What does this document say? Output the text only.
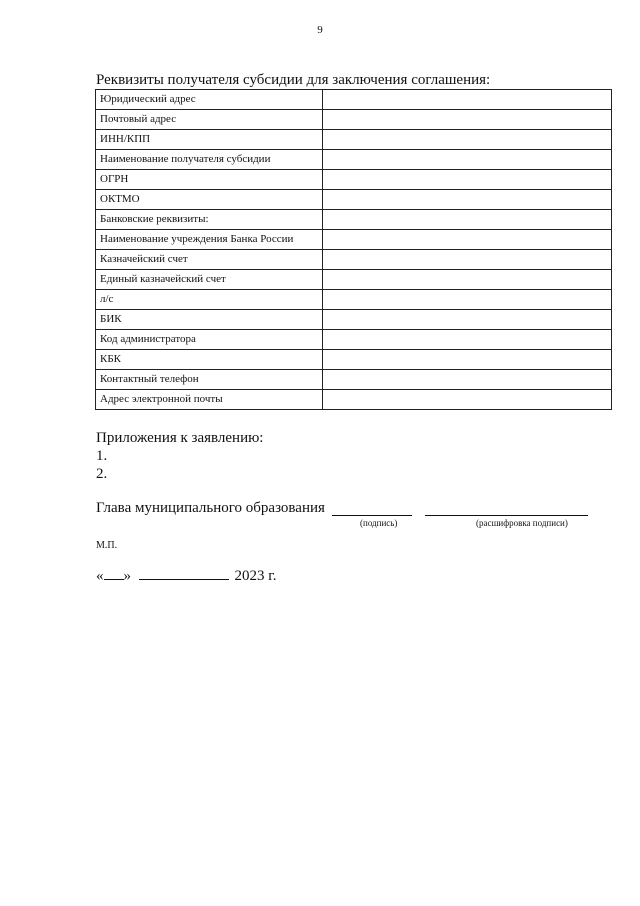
9
Реквизиты получателя субсидии для заключения соглашения:
Юридический адрес	
Почтовый адрес	
ИНН/КПП	
Наименование получателя субсидии	
ОГРН	
ОКТМО	
Банковские реквизиты:	
Наименование учреждения Банка России	
Казначейский счет	
Единый казначейский счет	
л/с	
БИК	
Код администратора	
КБК	
Контактный телефон	
Адрес электронной почты	
Приложения к заявлению:
1.
2.
Глава муниципального образования
(подпись)	(расшифровка подписи)
М.П.
« »	2023 г.
